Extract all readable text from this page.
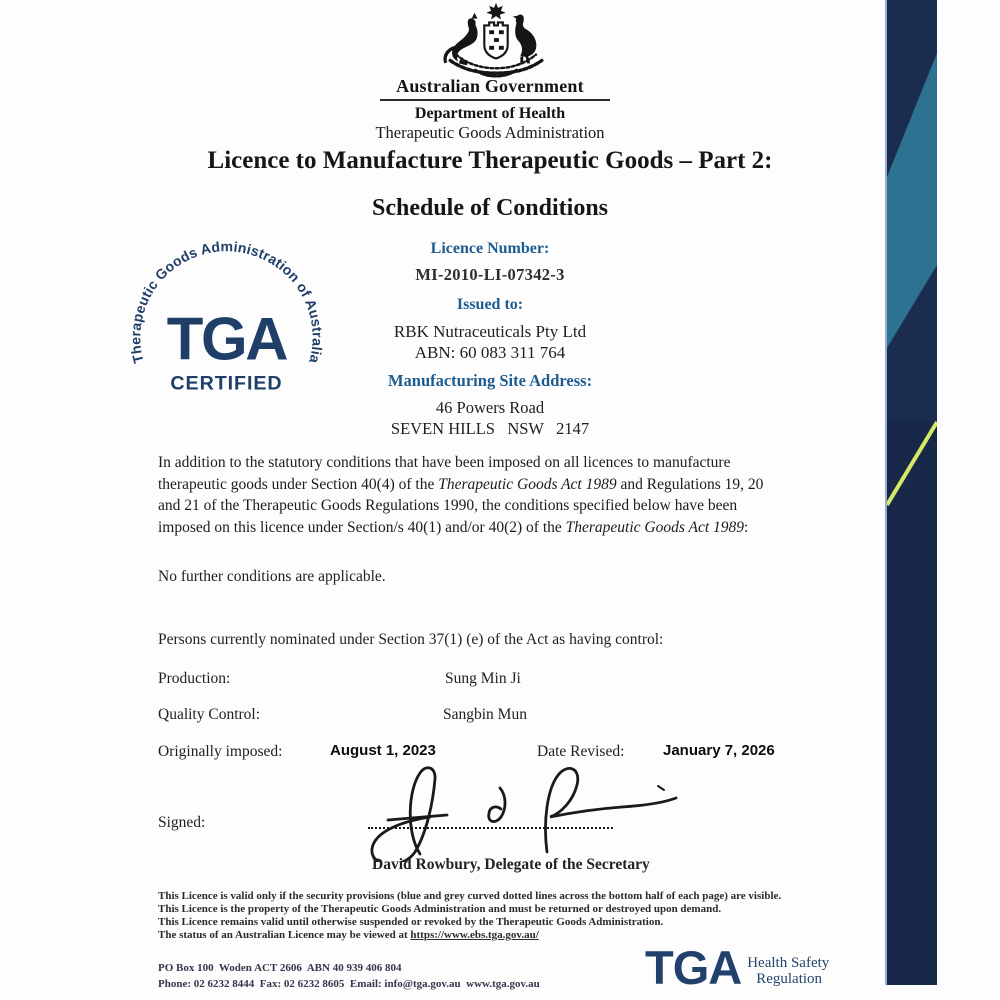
Australian Government
Department of Health
Therapeutic Goods Administration
Licence to Manufacture Therapeutic Goods – Part 2:
Schedule of Conditions
Licence Number:
MI-2010-LI-07342-3
Issued to:
RBK Nutraceuticals Pty Ltd
ABN: 60 083 311 764
Manufacturing Site Address:
46 Powers Road
SEVEN HILLS   NSW   2147
Therapeutic Goods Administration of Australia
TGA
CERTIFIED
In addition to the statutory conditions that have been imposed on all licences to manufacture therapeutic goods under Section 40(4) of the Therapeutic Goods Act 1989 and Regulations 19, 20 and 21 of the Therapeutic Goods Regulations 1990, the conditions specified below have been imposed on this licence under Section/s 40(1) and/or 40(2) of the Therapeutic Goods Act 1989:
No further conditions are applicable.
Persons currently nominated under Section 37(1) (e) of the Act as having control:
Production:	Sung Min Ji
Quality Control:	Sangbin Mun
Originally imposed:	August 1, 2023	Date Revised:	January 7, 2026
Signed:
David Rowbury, Delegate of the Secretary
This Licence is valid only if the security provisions (blue and grey curved dotted lines across the bottom half of each page) are visible.
This Licence is the property of the Therapeutic Goods Administration and must be returned or destroyed upon demand.
This Licence remains valid until otherwise suspended or revoked by the Therapeutic Goods Administration.
The status of an Australian Licence may be viewed at https://www.ebs.tga.gov.au/
PO Box 100  Woden ACT 2606  ABN 40 939 406 804
Phone: 02 6232 8444  Fax: 02 6232 8605  Email: info@tga.gov.au  www.tga.gov.au TGA Health Safety
Regulation
